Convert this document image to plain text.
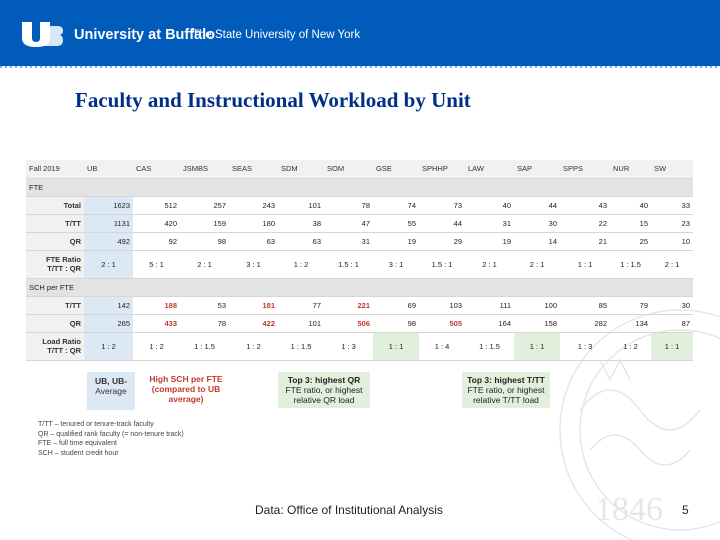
University at Buffalo
The State University of New York
Faculty and Instructional Workload by Unit
1846
Fall 2019	UB	CAS	JSMBS	SEAS	SDM	SOM	GSE	SPHHP	LAW	SAP	SPPS	NUR	SW
FTE													
Total	1623	512	257	243	101	78	74	73	40	44	43	40	33
T/TT	1131	420	159	180	38	47	55	44	31	30	22	15	23
QR	492	92	98	63	63	31	19	29	19	14	21	25	10
FTE Ratio T/TT : QR	2 : 1	5 : 1	2 : 1	3 : 1	1 : 2	1.5 : 1	3 : 1	1.5 : 1	2 : 1	2 : 1	1 : 1	1 : 1.5	2 : 1
SCH per FTE													
T/TT	142	188	53	181	77	221	69	103	111	100	85	79	30
QR	265	433	78	422	101	506	98	505	164	158	282	134	87
Load Ratio T/TT : QR	1 : 2	1 : 2	1 : 1.5	1 : 2	1 : 1.5	1 : 3	1 : 1	1 : 4	1 : 1.5	1 : 1	1 : 3	1 : 2	1 : 1
UB, UB-
Average
High SCH per FTE (compared to UB average)
Top 3: highest QR
FTE ratio, or highest relative QR load
Top 3: highest T/TT
FTE ratio, or highest relative T/TT load
T/TT – tenured or tenure-track faculty
QR – qualified rank faculty (= non-tenure track)
FTE – full time equivalent
SCH – student credit hour
Data: Office of Institutional Analysis	5
